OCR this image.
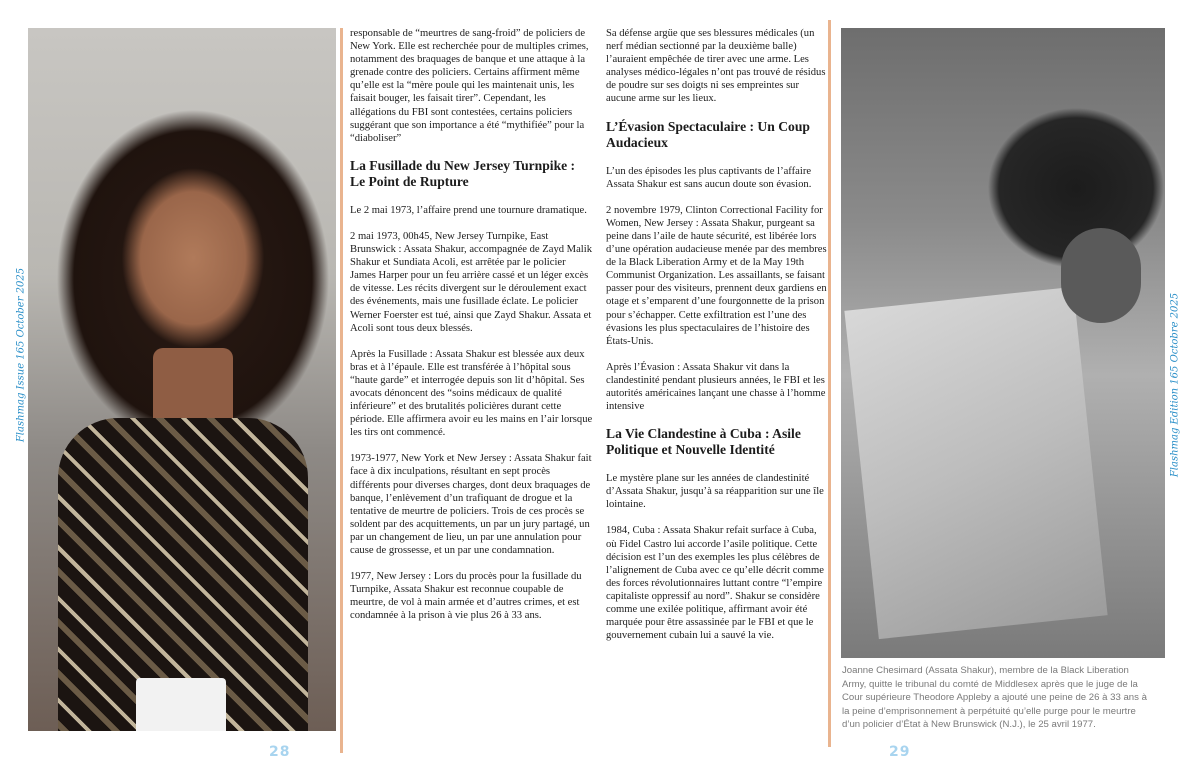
Flashmag Issue 165 October 2025

responsable de “meurtres de sang-froid” de policiers de New York. Elle est recherchée pour de multiples crimes, notamment des braquages de banque et une attaque à la grenade contre des policiers. Certains affirment même qu’elle est la “mère poule qui les maintenait unis, les faisait bouger, les faisait tirer”. Cependant, les allégations du FBI sont contestées, certains policiers suggérant que son importance a été “mythifiée” pour la “diaboliser”

La Fusillade du New Jersey Turnpike : Le Point de Rupture

Le 2 mai 1973, l’affaire prend une tournure dramatique.

2 mai 1973, 00h45, New Jersey Turnpike, East Brunswick : Assata Shakur, accompagnée de Zayd Malik Shakur et Sundiata Acoli, est arrêtée par le policier James Harper pour un feu arrière cassé et un léger excès de vitesse. Les récits divergent sur le déroulement exact des événements, mais une fusillade éclate. Le policier Werner Foerster est tué, ainsi que Zayd Shakur. Assata et Acoli sont tous deux blessés.

Après la Fusillade : Assata Shakur est blessée aux deux bras et à l’épaule. Elle est transférée à l’hôpital sous “haute garde” et interrogée depuis son lit d’hôpital. Ses avocats dénoncent des “soins médicaux de qualité inférieure” et des brutalités policières durant cette période. Elle affirmera avoir eu les mains en l’air lorsque les tirs ont commencé.

1973-1977, New York et New Jersey : Assata Shakur fait face à dix inculpations, résultant en sept procès différents pour diverses charges, dont deux braquages de banque, l’enlèvement d’un trafiquant de drogue et la tentative de meurtre de policiers. Trois de ces procès se soldent par des acquittements, un par un jury partagé, un par un changement de lieu, un par une annulation pour cause de grossesse, et un par une condamnation.

1977, New Jersey : Lors du procès pour la fusillade du Turnpike, Assata Shakur est reconnue coupable de meurtre, de vol à main armée et d’autres crimes, et est condamnée à la prison à vie plus 26 à 33 ans.

Sa défense argüe que ses blessures médicales (un nerf médian sectionné par la deuxième balle) l’auraient empêchée de tirer avec une arme. Les analyses médico-légales n’ont pas trouvé de résidus de poudre sur ses doigts ni ses empreintes sur aucune arme sur les lieux.

L’Évasion Spectaculaire : Un Coup Audacieux

L’un des épisodes les plus captivants de l’affaire Assata Shakur est sans aucun doute son évasion.

2 novembre 1979, Clinton Correctional Facility for Women, New Jersey : Assata Shakur, purgeant sa peine dans l’aile de haute sécurité, est libérée lors d’une opération audacieuse menée par des membres de la Black Liberation Army et de la May 19th Communist Organization. Les assaillants, se faisant passer pour des visiteurs, prennent deux gardiens en otage et s’emparent d’une fourgonnette de la prison pour s’échapper. Cette exfiltration est l’une des évasions les plus spectaculaires de l’histoire des États-Unis.

Après l’Évasion : Assata Shakur vit dans la clandestinité pendant plusieurs années, le FBI et les autorités américaines lançant une chasse à l’homme intensive

La Vie Clandestine à Cuba : Asile Politique et Nouvelle Identité

Le mystère plane sur les années de clandestinité d’Assata Shakur, jusqu’à sa réapparition sur une île lointaine.

1984, Cuba : Assata Shakur refait surface à Cuba, où Fidel Castro lui accorde l’asile politique. Cette décision est l’un des exemples les plus célèbres de l’alignement de Cuba avec ce qu’elle décrit comme des forces révolutionnaires luttant contre “l’empire capitaliste oppressif au nord”. Shakur se considère comme une exilée politique, affirmant avoir été marquée pour être assassinée par le FBI et que le gouvernement cubain lui a sauvé la vie.

Joanne Chesimard (Assata Shakur), membre de la Black Liberation Army, quitte le tribunal du comté de Middlesex après que le juge de la Cour supérieure Theodore Appleby a ajouté une peine de 26 à 33 ans à la peine d’emprisonnement à perpétuité qu’elle purge pour le meurtre d’un policier d’État à New Brunswick (N.J.), le 25 avril 1977.
Flashmag Edition 165 Octobre 2025
28	29
